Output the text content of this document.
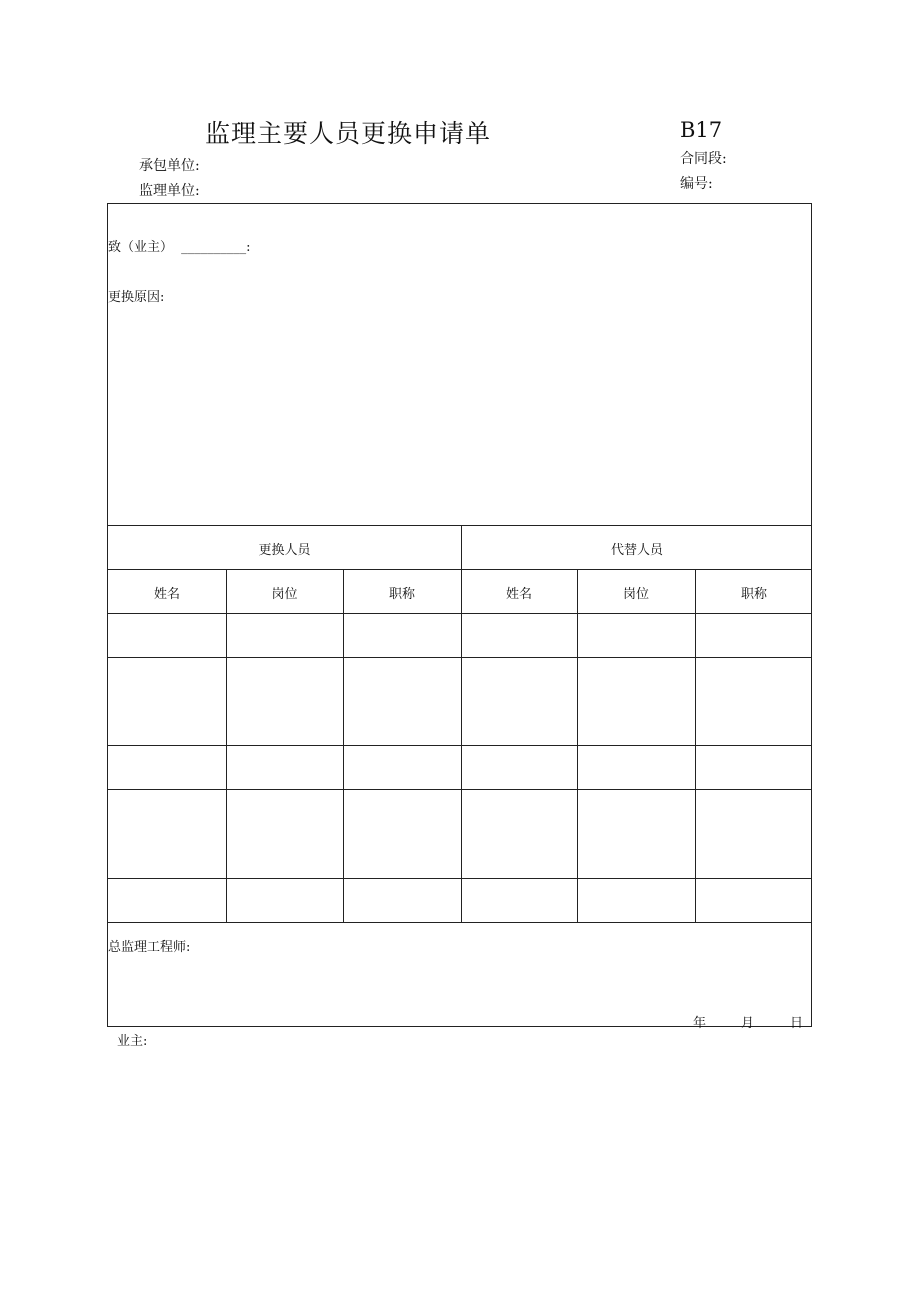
监理主要人员更换申请单	B17
承包单位:
监理单位:
合同段:
编号:
致（业主） __________:
更换原因:
更换人员	代替人员
姓名	岗位	职称	姓名	岗位	职称
总监理工程师:
年	月	日
业主:
